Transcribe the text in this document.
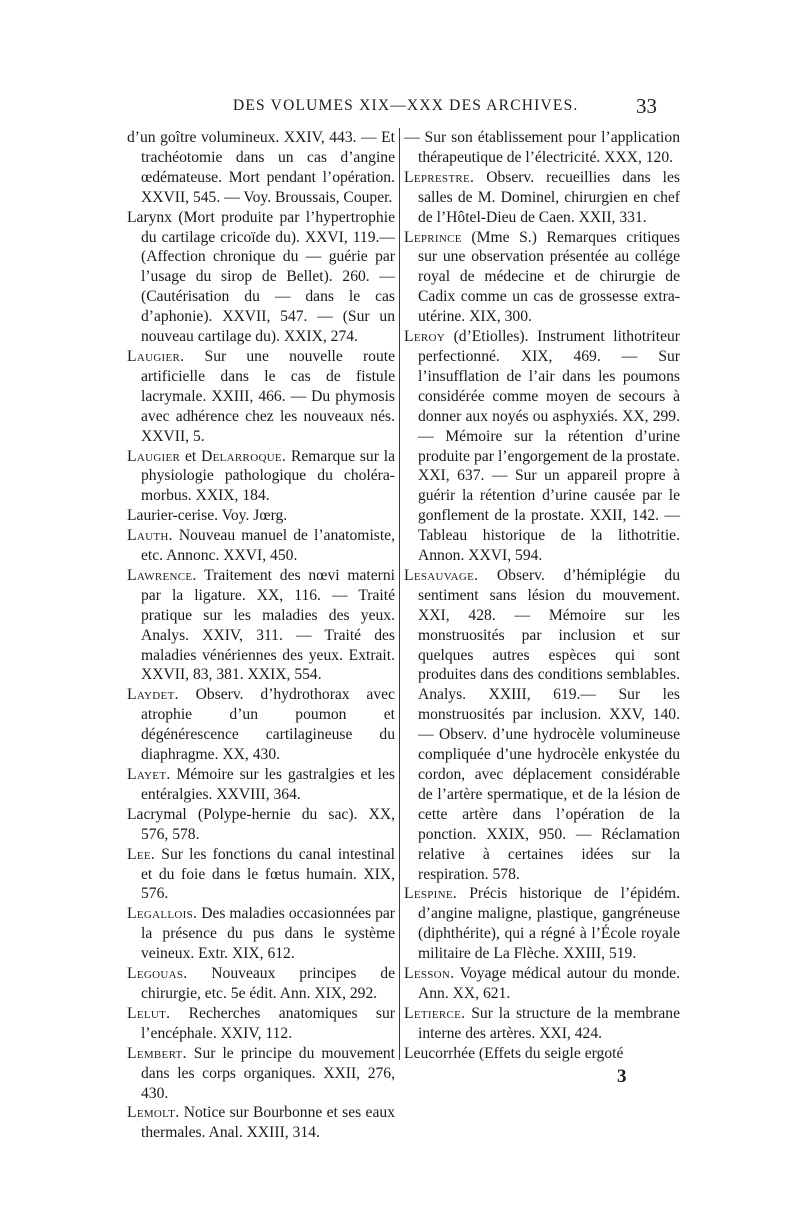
DES VOLUMES XIX—XXX DES ARCHIVES.	33

d’un goître volumineux. XXIV, 443. — Et trachéotomie dans un cas d’angine œdémateuse. Mort pendant l’opération. XXVII, 545. — Voy. Broussais, Couper.

Larynx (Mort produite par l’hypertrophie du cartilage cricoïde du). XXVI, 119.—(Affection chronique du — guérie par l’usage du sirop de Bellet). 260. — (Cautérisation du — dans le cas d’aphonie). XXVII, 547. — (Sur un nouveau cartilage du). XXIX, 274.

Laugier. Sur une nouvelle route artificielle dans le cas de fistule lacrymale. XXIII, 466. — Du phymosis avec adhérence chez les nouveaux nés. XXVII, 5.

Laugier et Delarroque. Remarque sur la physiologie pathologique du choléra-morbus. XXIX, 184.

Laurier-cerise. Voy. Jœrg.

Lauth. Nouveau manuel de l’anatomiste, etc. Annonc. XXVI, 450.

Lawrence. Traitement des nœvi materni par la ligature. XX, 116. — Traité pratique sur les maladies des yeux. Analys. XXIV, 311. — Traité des maladies vénériennes des yeux. Extrait. XXVII, 83, 381. XXIX, 554.

Laydet. Observ. d’hydrothorax avec atrophie d’un poumon et dégénérescence cartilagineuse du diaphragme. XX, 430.

Layet. Mémoire sur les gastralgies et les entéralgies. XXVIII, 364.

Lacrymal (Polype-hernie du sac). XX, 576, 578.

Lee. Sur les fonctions du canal intestinal et du foie dans le fœtus humain. XIX, 576.

Legallois. Des maladies occasionnées par la présence du pus dans le système veineux. Extr. XIX, 612.

Legouas. Nouveaux principes de chirurgie, etc. 5e édit. Ann. XIX, 292.

Lelut. Recherches anatomiques sur l’encéphale. XXIV, 112.

Lembert. Sur le principe du mouvement dans les corps organiques. XXII, 276, 430.

Lemolt. Notice sur Bourbonne et ses eaux thermales. Anal. XXIII, 314.

— Sur son établissement pour l’application thérapeutique de l’électricité. XXX, 120.

Leprestre. Observ. recueillies dans les salles de M. Dominel, chirurgien en chef de l’Hôtel-Dieu de Caen. XXII, 331.

Leprince (Mme S.) Remarques critiques sur une observation présentée au collége royal de médecine et de chirurgie de Cadix comme un cas de grossesse extra-utérine. XIX, 300.

Leroy (d’Etiolles). Instrument lithotriteur perfectionné. XIX, 469. — Sur l’insufflation de l’air dans les poumons considérée comme moyen de secours à donner aux noyés ou asphyxiés. XX, 299. — Mémoire sur la rétention d’urine produite par l’engorgement de la prostate. XXI, 637. — Sur un appareil propre à guérir la rétention d’urine causée par le gonflement de la prostate. XXII, 142. — Tableau historique de la lithotritie. Annon. XXVI, 594.

Lesauvage. Observ. d’hémiplégie du sentiment sans lésion du mouvement. XXI, 428. — Mémoire sur les monstruosités par inclusion et sur quelques autres espèces qui sont produites dans des conditions semblables. Analys. XXIII, 619.— Sur les monstruosités par inclusion. XXV, 140. — Observ. d’une hydrocèle volumineuse compliquée d’une hydrocèle enkystée du cordon, avec déplacement considérable de l’artère spermatique, et de la lésion de cette artère dans l’opération de la ponction. XXIX, 950. — Réclamation relative à certaines idées sur la respiration. 578.

Lespine. Précis historique de l’épidém. d’angine maligne, plastique, gangréneuse (diphthérite), qui a régné à l’École royale militaire de La Flèche. XXIII, 519.

Lesson. Voyage médical autour du monde. Ann. XX, 621.

Letierce. Sur la structure de la membrane interne des artères. XXI, 424.

Leucorrhée (Effets du seigle ergoté

3
